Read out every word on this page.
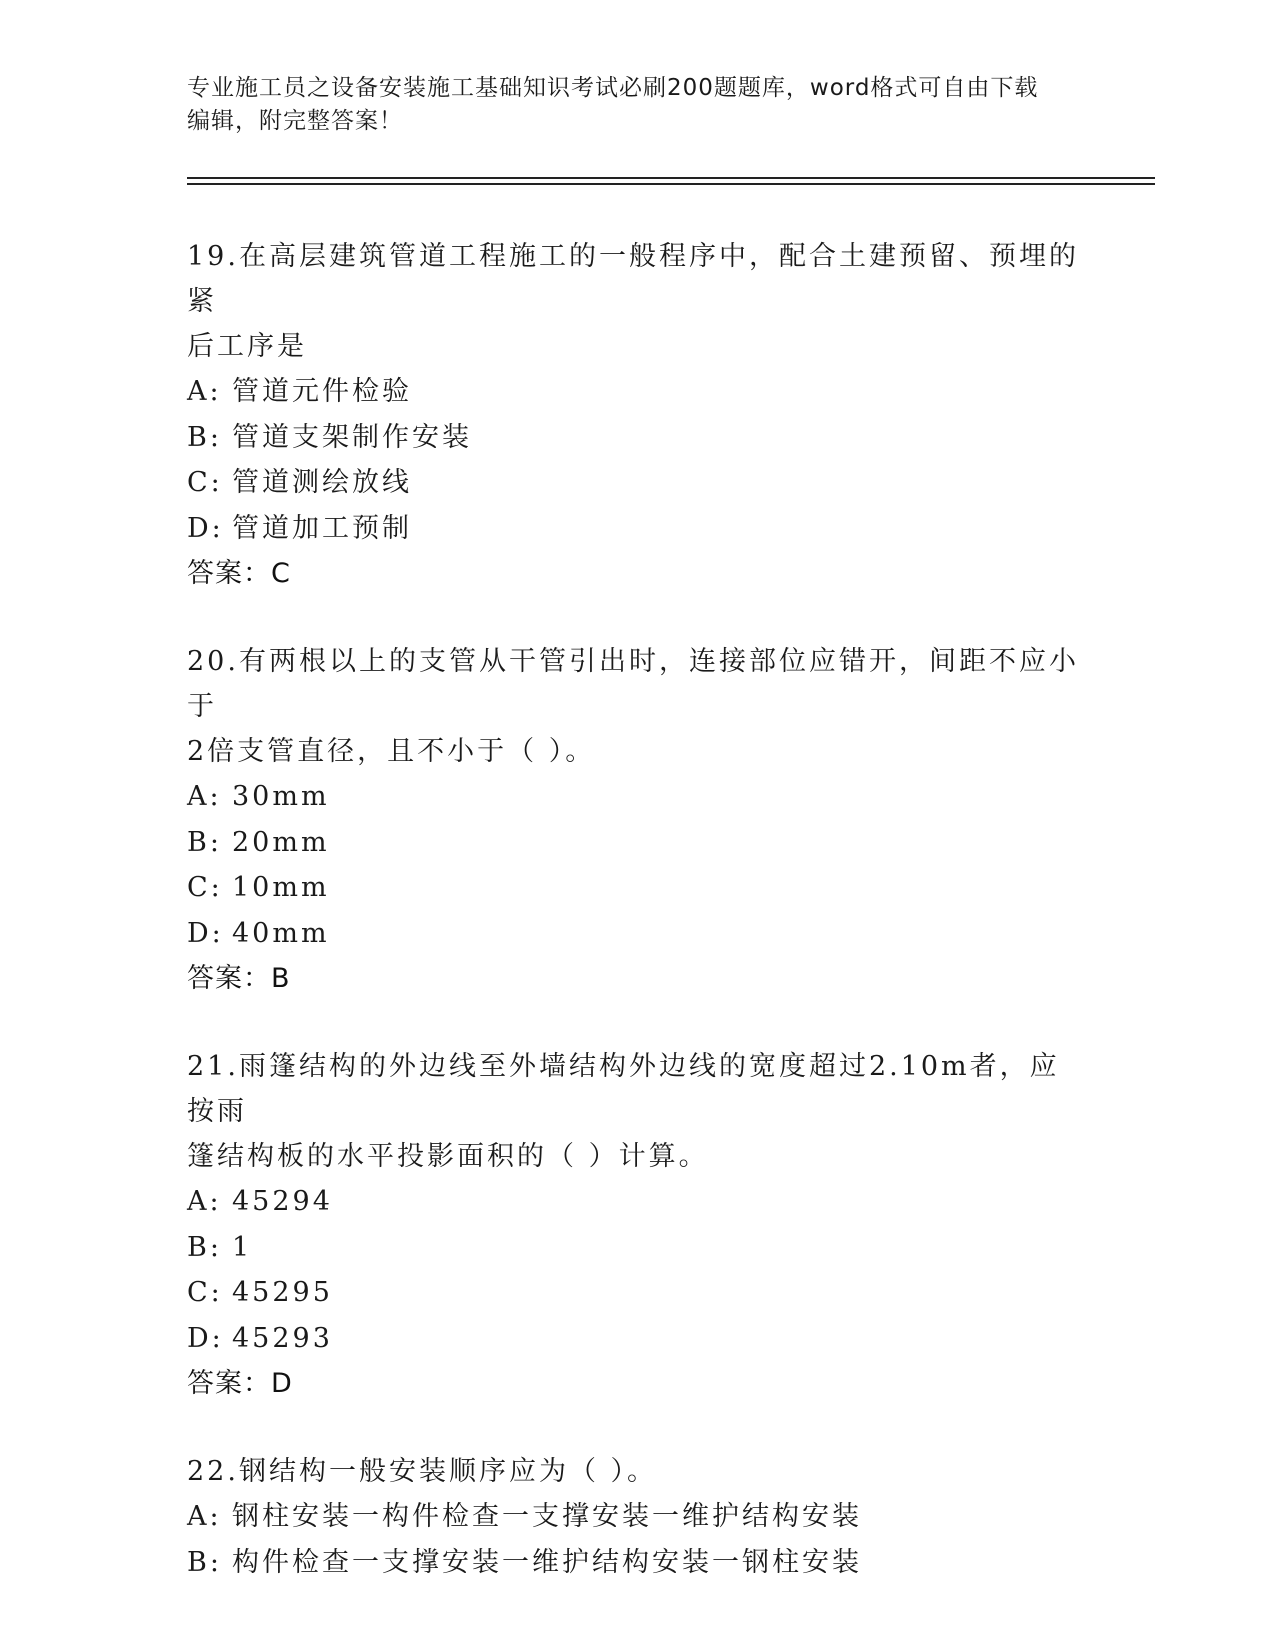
专业施工员之设备安装施工基础知识考试必刷200题题库，word格式可自由下载
编辑，附完整答案！

19.在高层建筑管道工程施工的一般程序中，配合土建预留、预埋的紧
后工序是

A: 管道元件检验

B: 管道支架制作安装

C: 管道测绘放线

D: 管道加工预制

答案：C

20.有两根以上的支管从干管引出时，连接部位应错开，间距不应小于
2倍支管直径，且不小于（ ）。

A: 30mm

B: 20mm

C: 10mm

D: 40mm

答案：B

21.雨篷结构的外边线至外墙结构外边线的宽度超过2.10m者，应按雨
篷结构板的水平投影面积的（ ）计算。

A: 45294

B: 1

C: 45295

D: 45293

答案：D

22.钢结构一般安装顺序应为（ ）。

A: 钢柱安装一构件检查一支撑安装一维护结构安装

B: 构件检查一支撑安装一维护结构安装一钢柱安装
